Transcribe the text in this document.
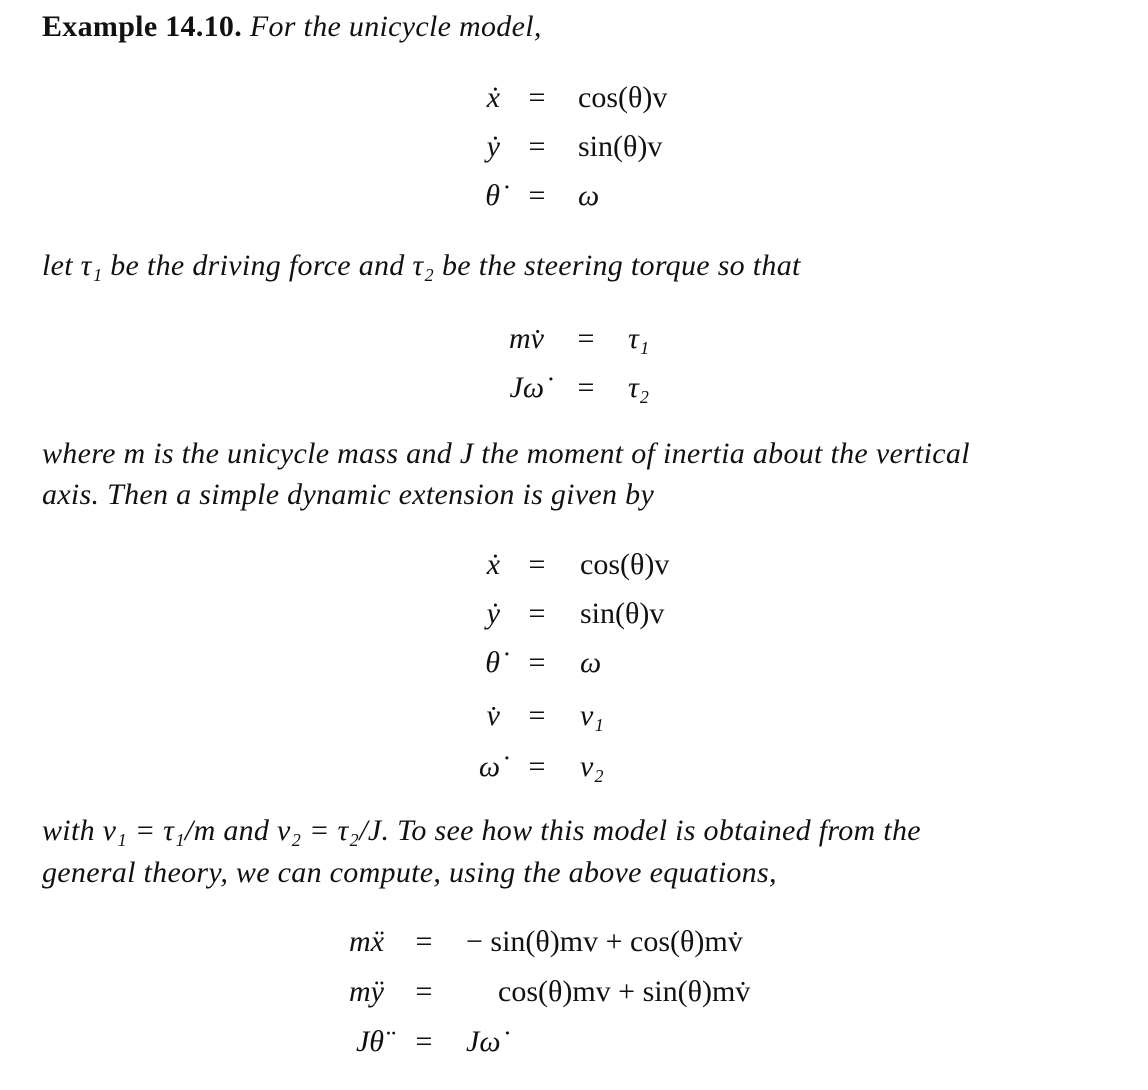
Example 14.10. For the unicycle model,

ẋ =	cos(θ)v
ẏ =	sin(θ)v
θ̇ =	ω

let τ₁ be the driving force and τ₂ be the steering torque so that

mv̇	=	τ₁
Jω̇	=	τ₂

where m is the unicycle mass and J the moment of inertia about the vertical

axis. Then a simple dynamic extension is given by

ẋ =	cos(θ)v
ẏ =	sin(θ)v
θ̇ =	ω
v̇ =	ν₁
ω̇ =	ν₂

with ν₁ = τ₁/m and ν₂ = τ₂/J. To see how this model is obtained from the

general theory, we can compute, using the above equations,

mẍ	=	− sin(θ)mv + cos(θ)mv̇
mÿ	=	cos(θ)mv + sin(θ)mv̇
Jθ̈	=	Jω̇
